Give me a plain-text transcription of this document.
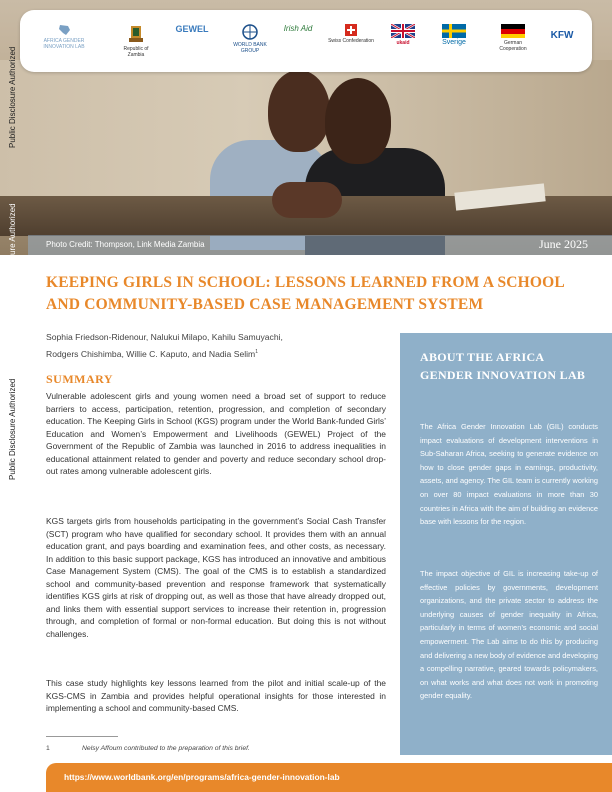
AFRICA GENDER INNOVATION LAB	Republic of Zambia
GEWEL
WORLD BANK GROUP
Irish Aid
Swiss Confederation	ukaid	Sverige	German Cooperation
KFW
Photo Credit: Thompson, Link Media Zambia	June 2025
Public Disclosure Authorized
ure Authorized
Public Disclosure Authorized
KEEPING GIRLS IN SCHOOL: LESSONS LEARNED FROM A SCHOOL AND COMMUNITY-BASED CASE MANAGEMENT SYSTEM
Sophia Friedson-Ridenour, Nalukui Milapo, Kahilu Samuyachi,
Rodgers Chishimba, Willie C. Kaputo, and Nadia Selim$^1$
SUMMARY

Vulnerable adolescent girls and young women need a broad set of support to reduce barriers to access, participation, retention, progression, and completion of secondary education. The Keeping Girls in School (KGS) program under the World Bank-funded Girls’ Education and Women’s Empowerment and Livelihoods (GEWEL) Project of the Government of the Republic of Zambia was launched in 2016 to address inequalities in educational attainment related to gender and poverty and reduce secondary school drop-out rates among vulnerable adolescent girls.

KGS targets girls from households participating in the government’s Social Cash Transfer (SCT) program who have qualified for secondary school. It provides them with an annual education grant, and pays boarding and examination fees, and other costs, as necessary. In addition to this basic support package, KGS has introduced an innovative and ambitious Case Management System (CMS). The goal of the CMS is to establish a standardized school and community-based prevention and response framework that systematically identifies KGS girls at risk of dropping out, as well as those that have already dropped out, and links them with essential support services to increase their retention in, progression through, and completion of formal or non-formal education. But doing this is not without challenges.

This case study highlights key lessons learned from the pilot and initial scale-up of the KGS-CMS in Zambia and provides helpful operational insights for those interested in implementing a school and community-based CMS.

1	Nelsy Affoum contributed to the preparation of this brief.
ABOUT THE AFRICA GENDER INNOVATION LAB

The Africa Gender Innovation Lab (GIL) conducts impact evaluations of development interventions in Sub-Saharan Africa, seeking to generate evidence on how to close gender gaps in earnings, productivity, assets, and agency. The GIL team is currently working on over 80 impact evaluations in more than 30 countries in Africa with the aim of building an evidence base with lessons for the region.

The impact objective of GIL is increasing take-up of effective policies by governments, development organizations, and the private sector to address the underlying causes of gender inequality in Africa, particularly in terms of women’s economic and social empowerment. The Lab aims to do this by producing and delivering a new body of evidence and developing a compelling narrative, geared towards policymakers, on what works and what does not work in promoting gender equality.

https://www.worldbank.org/en/programs/africa-gender-innovation-lab
